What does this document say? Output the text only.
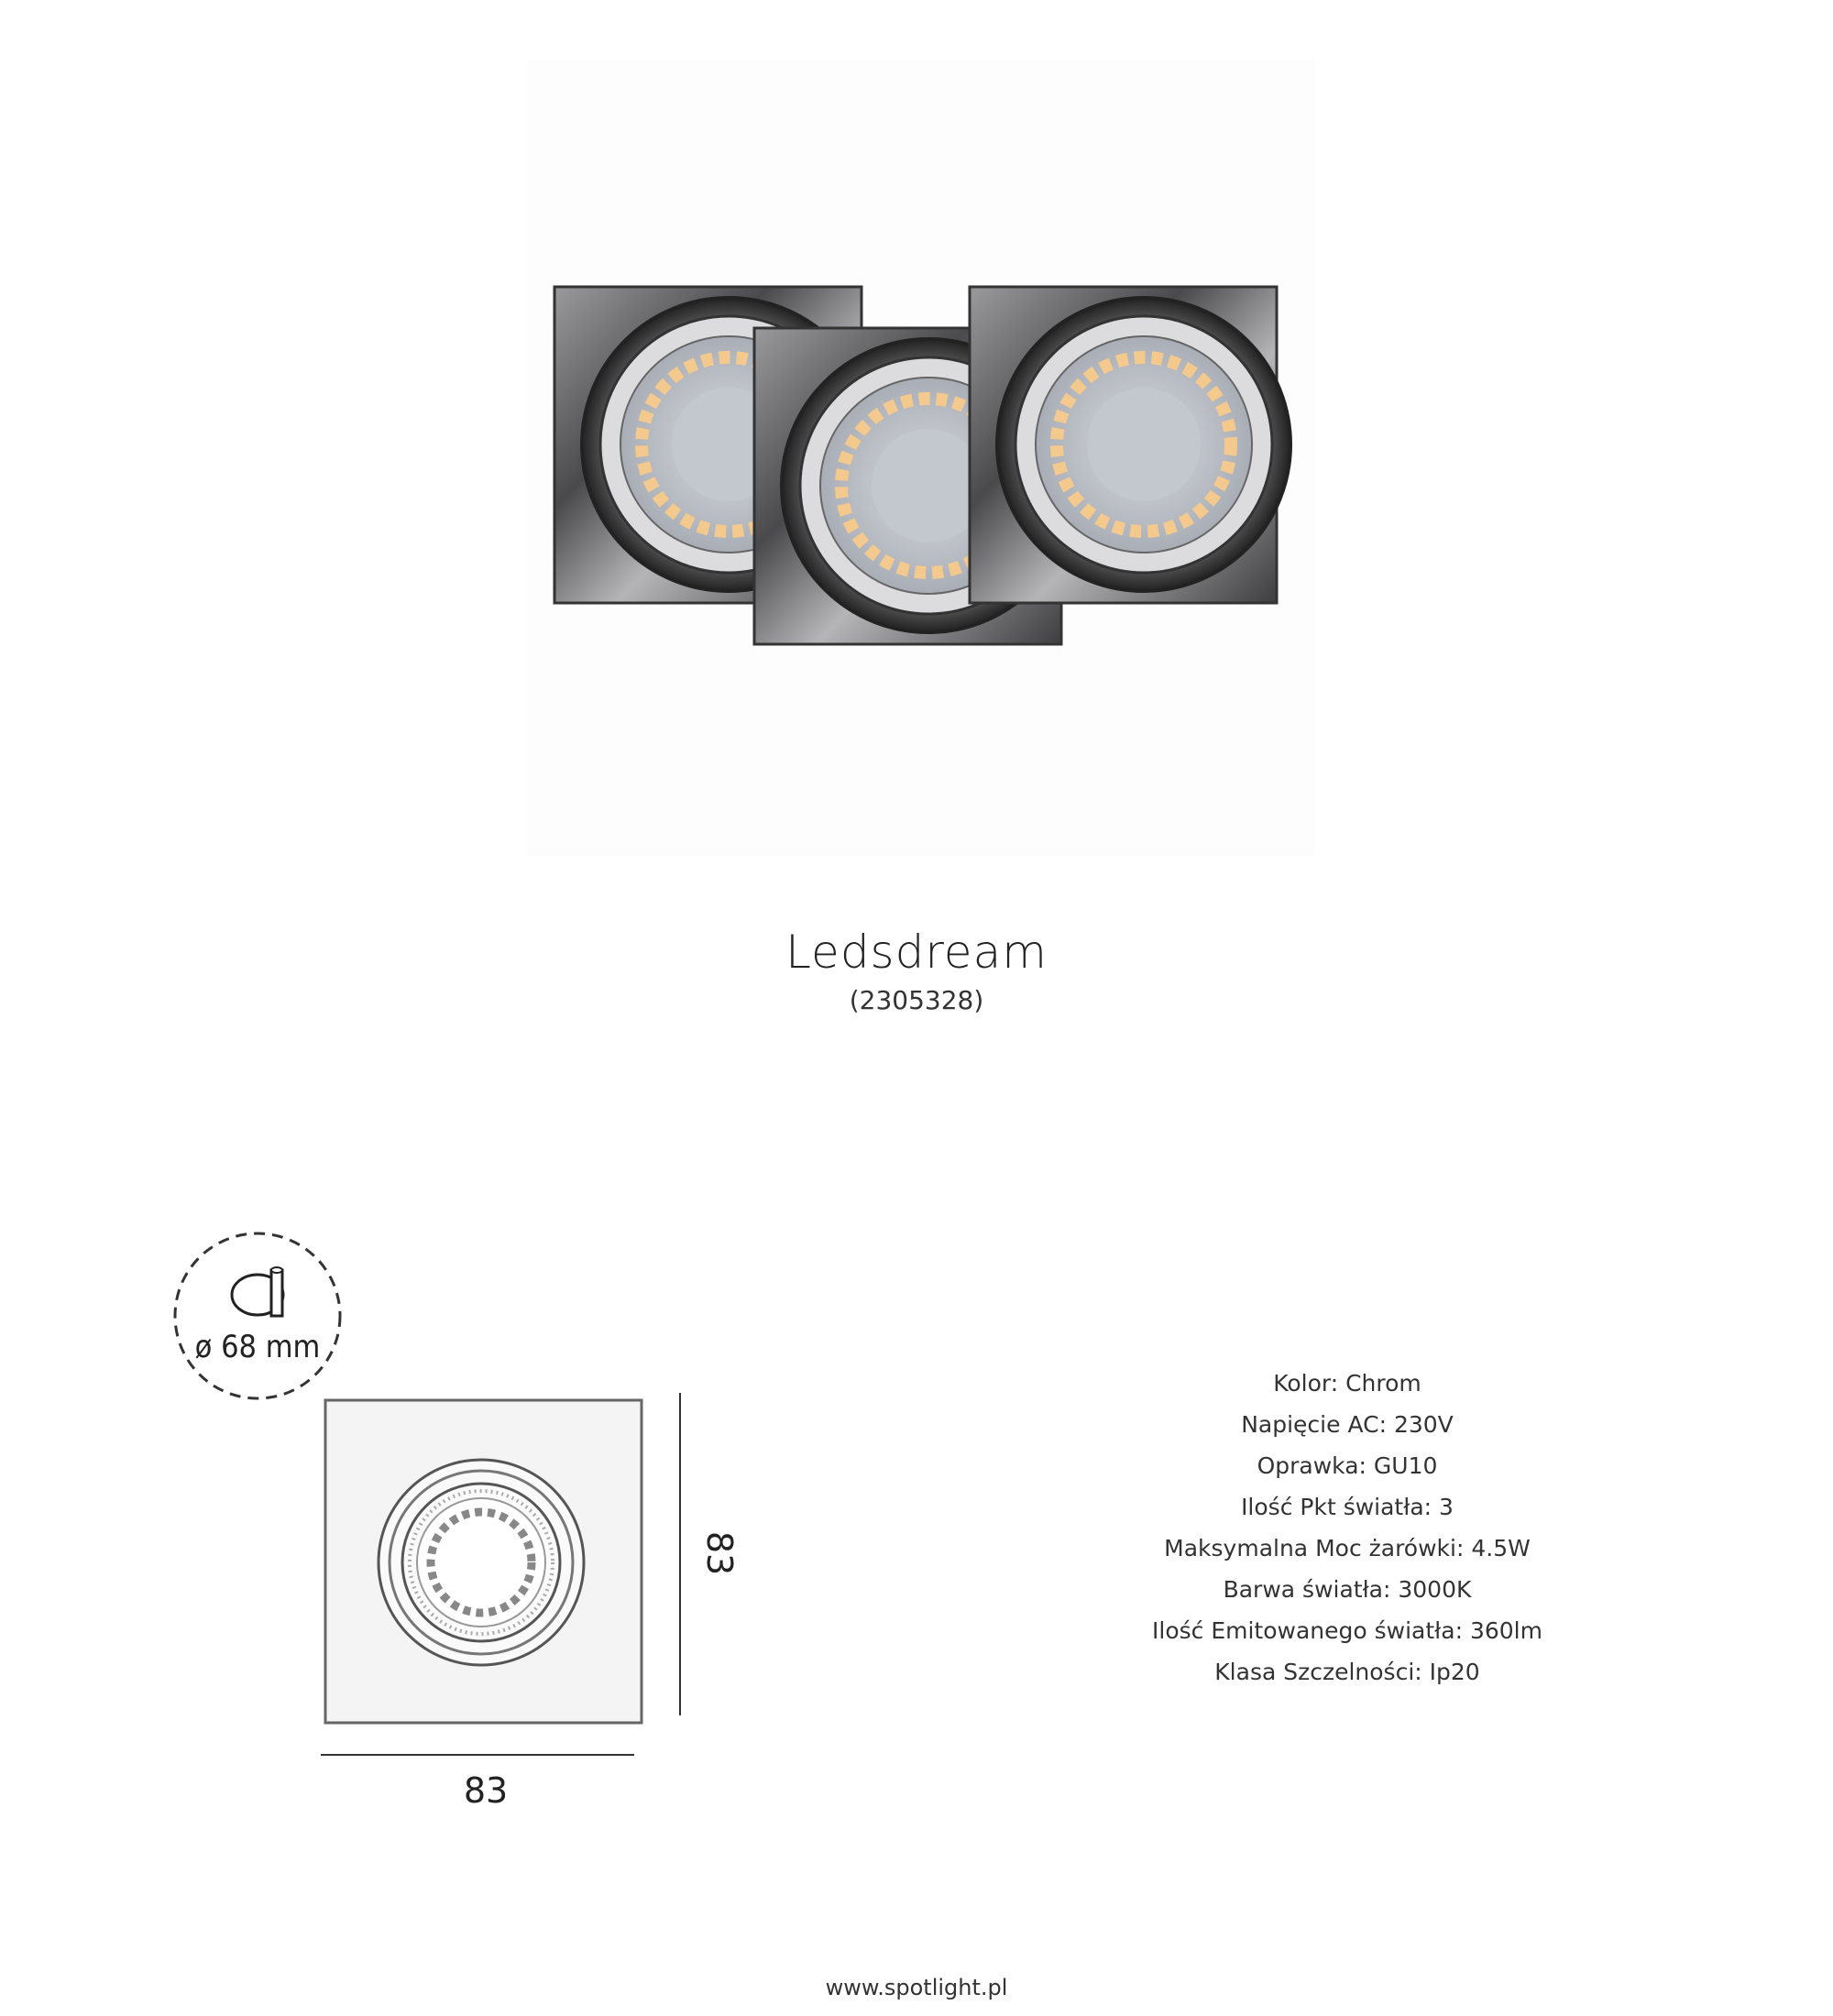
Ledsdream
(2305328)
ø 68 mm
83
83
Kolor: Chrom
Napięcie AC: 230V
Oprawka: GU10
Ilość Pkt światła: 3
Maksymalna Moc żarówki: 4.5W
Barwa światła: 3000K
Ilość Emitowanego światła: 360lm
Klasa Szczelności: Ip20
www.spotlight.pl
